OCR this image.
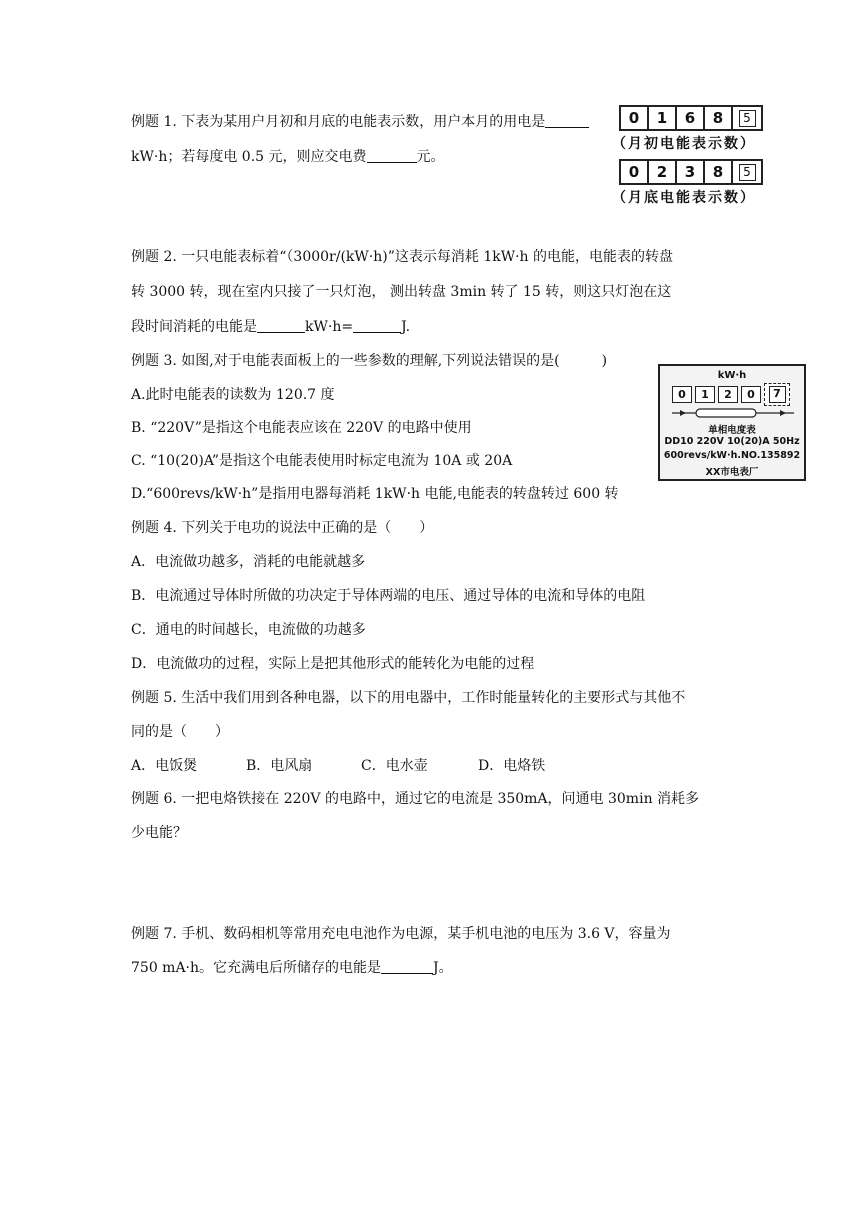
例题 1. 下表为某用户月初和月底的电能表示数，用户本月的用电是
kW·h；若每度电 0.5 元，则应交电费	元。
0	1	6	8	5
（月初电能表示数）
0	2	3	8	5
（月底电能表示数）
例题 2. 一只电能表标着“（3000r/(kW·h)”这表示每消耗 1kW·h 的电能，电能表的转盘
转 3000 转，现在室内只接了一只灯泡， 测出转盘 3min 转了 15 转，则这只灯泡在这
段时间消耗的电能是	kW·h=	J.
例题 3. 如图,对于电能表面板上的一些参数的理解,下列说法错误的是(　　　)
A.此时电能表的读数为 120.7 度
B. “220V”是指这个电能表应该在 220V 的电路中使用
C. “10(20)A”是指这个电能表使用时标定电流为 10A 或 20A
D.“600revs/kW·h”是指用电器每消耗 1kW·h 电能,电能表的转盘转过 600 转
kW·h
0	1	2	0	7
单相电度表
DD10 220V 10(20)A 50Hz
600revs/kW·h.NO.135892
XX市电表厂
例题 4. 下列关于电功的说法中正确的是（　　）
A．电流做功越多，消耗的电能就越多
B．电流通过导体时所做的功决定于导体两端的电压、通过导体的电流和导体的电阻
C．通电的时间越长，电流做的功越多
D．电流做功的过程，实际上是把其他形式的能转化为电能的过程
例题 5. 生活中我们用到各种电器，以下的用电器中，工作时能量转化的主要形式与其他不
同的是（　　）
A．电饭煲	B．电风扇	C．电水壶	D．电烙铁
例题 6. 一把电烙铁接在 220V 的电路中，通过它的电流是 350mA，问通电 30min 消耗多
少电能？
例题 7. 手机、数码相机等常用充电电池作为电源，某手机电池的电压为 3.6 V，容量为
750 mA·h。它充满电后所储存的电能是	J。
